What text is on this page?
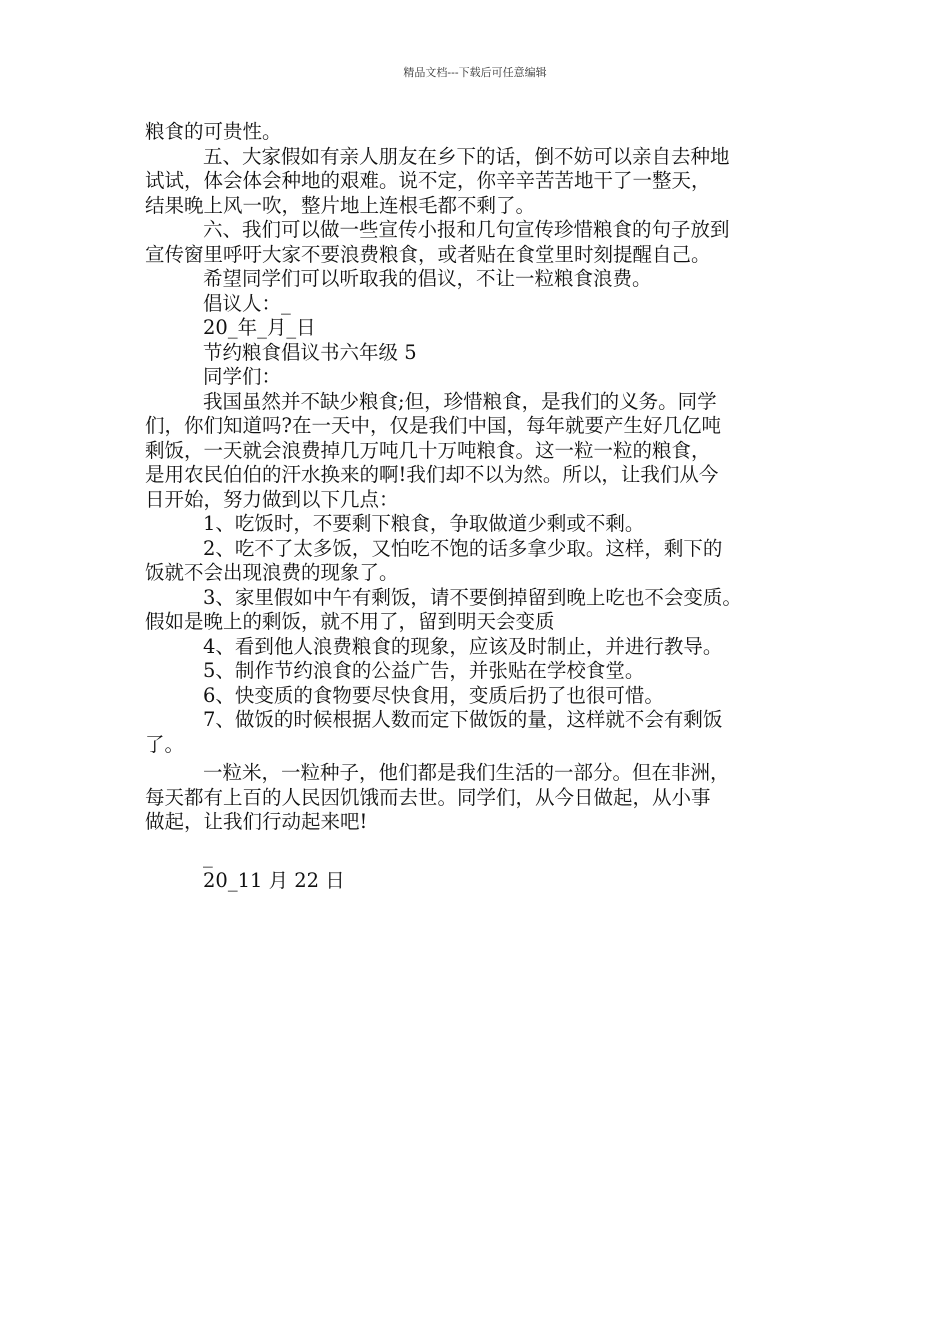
精品文档---下载后可任意编辑
粮食的可贵性。
五、大家假如有亲人朋友在乡下的话，倒不妨可以亲自去种地
试试，体会体会种地的艰难。说不定，你辛辛苦苦地干了一整天，
结果晚上风一吹，整片地上连根毛都不剩了。
六、我们可以做一些宣传小报和几句宣传珍惜粮食的句子放到
宣传窗里呼吁大家不要浪费粮食，或者贴在食堂里时刻提醒自己。
希望同学们可以听取我的倡议，不让一粒粮食浪费。
倡议人：_
20_年_月_日
节约粮食倡议书六年级 5
同学们：
我国虽然并不缺少粮食;但，珍惜粮食，是我们的义务。同学
们，你们知道吗?在一天中，仅是我们中国，每年就要产生好几亿吨
剩饭，一天就会浪费掉几万吨几十万吨粮食。这一粒一粒的粮食，
是用农民伯伯的汗水换来的啊!我们却不以为然。所以，让我们从今
日开始，努力做到以下几点：
1、吃饭时，不要剩下粮食，争取做道少剩或不剩。
2、吃不了太多饭，又怕吃不饱的话多拿少取。这样，剩下的
饭就不会出现浪费的现象了。
3、家里假如中午有剩饭，请不要倒掉留到晚上吃也不会变质。
假如是晚上的剩饭，就不用了，留到明天会变质
4、看到他人浪费粮食的现象，应该及时制止，并进行教导。
5、制作节约浪食的公益广告，并张贴在学校食堂。
6、快变质的食物要尽快食用，变质后扔了也很可惜。
7、做饭的时候根据人数而定下做饭的量，这样就不会有剩饭
了。
一粒米，一粒种子，他们都是我们生活的一部分。但在非洲，
每天都有上百的人民因饥饿而去世。同学们，从今日做起，从小事
做起，让我们行动起来吧!
_
20_11 月 22 日
